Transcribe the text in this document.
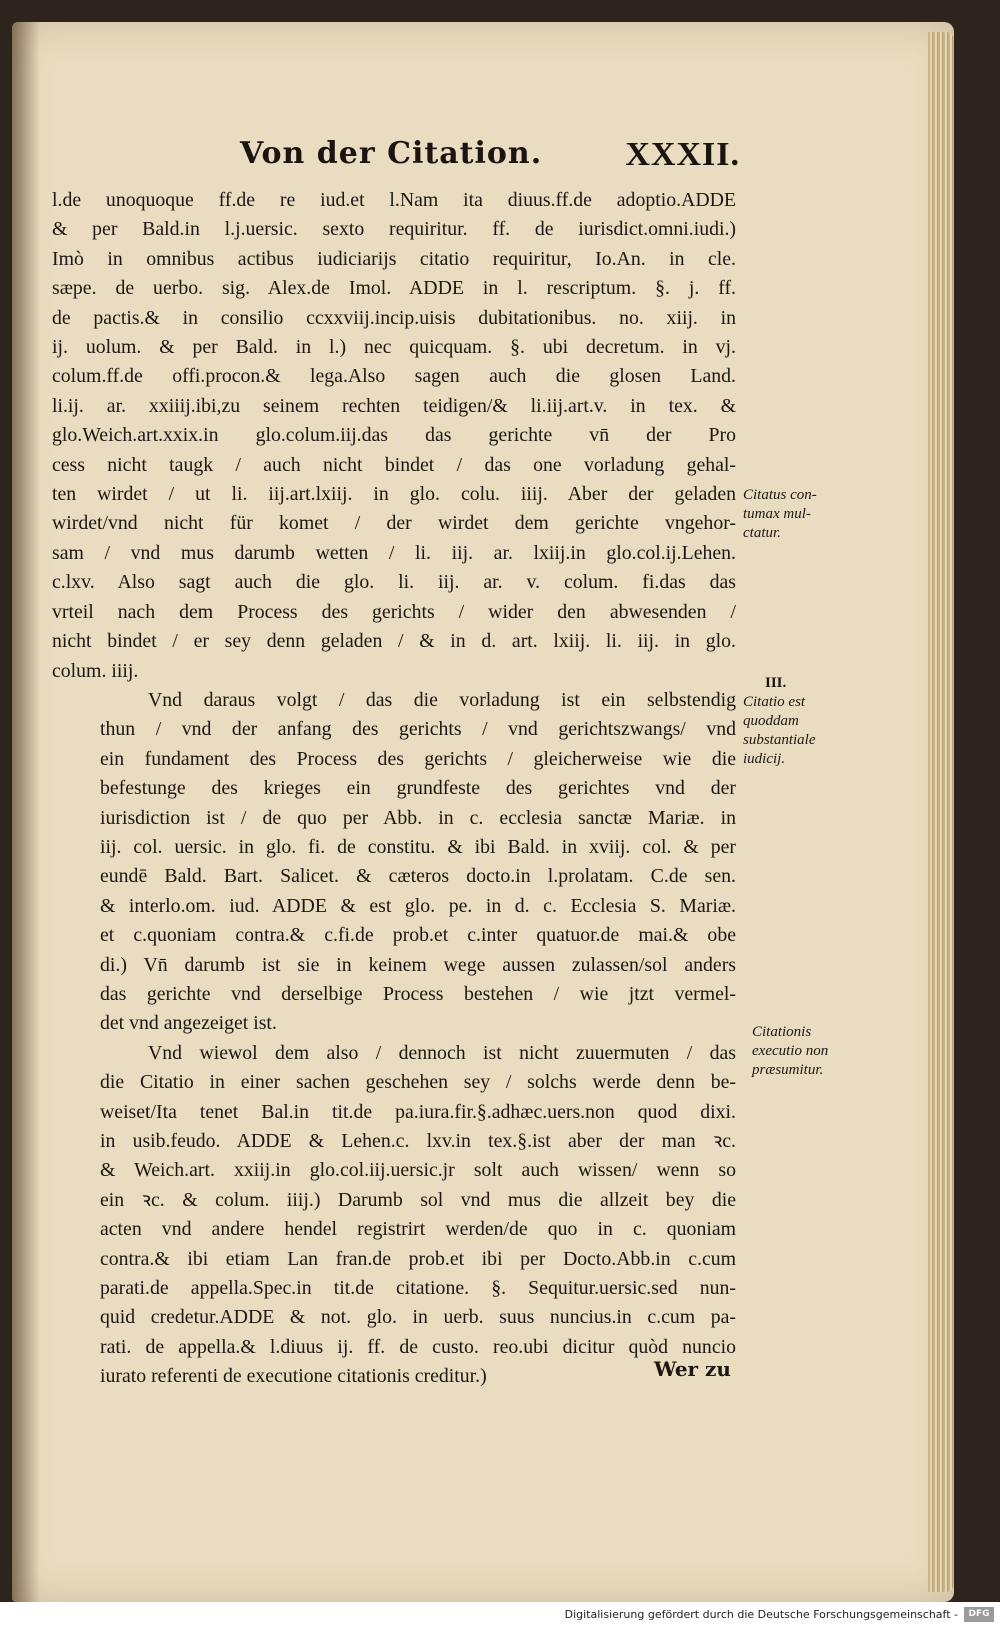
Von der Citation. XXXII.

l.de unoquoque ff.de re iud.et l.Nam ita diuus.ff.de adoptio.ADDE
& per Bald.in l.j.uersic. sexto requiritur. ff. de iurisdict.omni.iudi.)
Imò in omnibus actibus iudiciarijs citatio requiritur, Io.An. in cle.
sæpe. de uerbo. sig. Alex.de Imol. ADDE in l. rescriptum. §. j. ff.
de pactis.& in consilio ccxxviij.incip.uisis dubitationibus. no. xiij. in
ij. uolum. & per Bald. in l.) nec quicquam. §. ubi decretum. in vj.
colum.ff.de offi.procon.& lega.Also sagen auch die glosen Land.
li.ij. ar. xxiiij.ibi,zu seinem rechten teidigen/& li.iij.art.v. in tex. &
glo.Weich.art.xxix.in glo.colum.iij.das das gerichte vn̄ der Pro
cess nicht taugk / auch nicht bindet / das one vorladung gehal-
ten wirdet / ut li. iij.art.lxiij. in glo. colu. iiij. Aber der geladen
wirdet/vnd nicht für komet / der wirdet dem gerichte vngehor-
sam / vnd mus darumb wetten / li. iij. ar. lxiij.in glo.col.ij.Lehen.
c.lxv. Also sagt auch die glo. li. iij. ar. v. colum. fi.das das
vrteil nach dem Process des gerichts / wider den abwesenden /
nicht bindet / er sey denn geladen / & in d. art. lxiij. li. iij. in glo.
colum. iiij.

Vnd daraus volgt / das die vorladung ist ein selbstendig
thun / vnd der anfang des gerichts / vnd gerichtszwangs/ vnd
ein fundament des Process des gerichts / gleicherweise wie die
befestunge des krieges ein grundfeste des gerichtes vnd der
iurisdiction ist / de quo per Abb. in c. ecclesia sanctæ Mariæ. in
iij. col. uersic. in glo. fi. de constitu. & ibi Bald. in xviij. col. & per
eundē Bald. Bart. Salicet. & cæteros docto.in l.prolatam. C.de sen.
& interlo.om. iud. ADDE & est glo. pe. in d. c. Ecclesia S. Mariæ.
et c.quoniam contra.& c.fi.de prob.et c.inter quatuor.de mai.& obe
di.) Vn̄ darumb ist sie in keinem wege aussen zulassen/sol anders
das gerichte vnd derselbige Process bestehen / wie jtzt vermel-
det vnd angezeiget ist.

Vnd wiewol dem also / dennoch ist nicht zuuermuten / das
die Citatio in einer sachen geschehen sey / solchs werde denn be-
weiset/Ita tenet Bal.in tit.de pa.iura.fir.§.adhæc.uers.non quod dixi.
in usib.feudo. ADDE & Lehen.c. lxv.in tex.§.ist aber der man ꝛc.
& Weich.art. xxiij.in glo.col.iij.uersic.jr solt auch wissen/ wenn so
ein ꝛc. & colum. iiij.) Darumb sol vnd mus die allzeit bey die
acten vnd andere hendel registrirt werden/de quo in c. quoniam
contra.& ibi etiam Lan fran.de prob.et ibi per Docto.Abb.in c.cum
parati.de appella.Spec.in tit.de citatione. §. Sequitur.uersic.sed nun-
quid credetur.ADDE & not. glo. in uerb. suus nuncius.in c.cum pa-
rati. de appella.& l.diuus ij. ff. de custo. reo.ubi dicitur quòd nuncio
iurato referenti de executione citationis creditur.)

Citatus con-
tumax mul-
ctatur.
III.
Citatio est
quoddam
substantiale
iudicij.
Citationis
executio non
præsumitur.
Wer zu
Digitalisierung gefördert durch die Deutsche Forschungsgemeinschaft -	DFG
